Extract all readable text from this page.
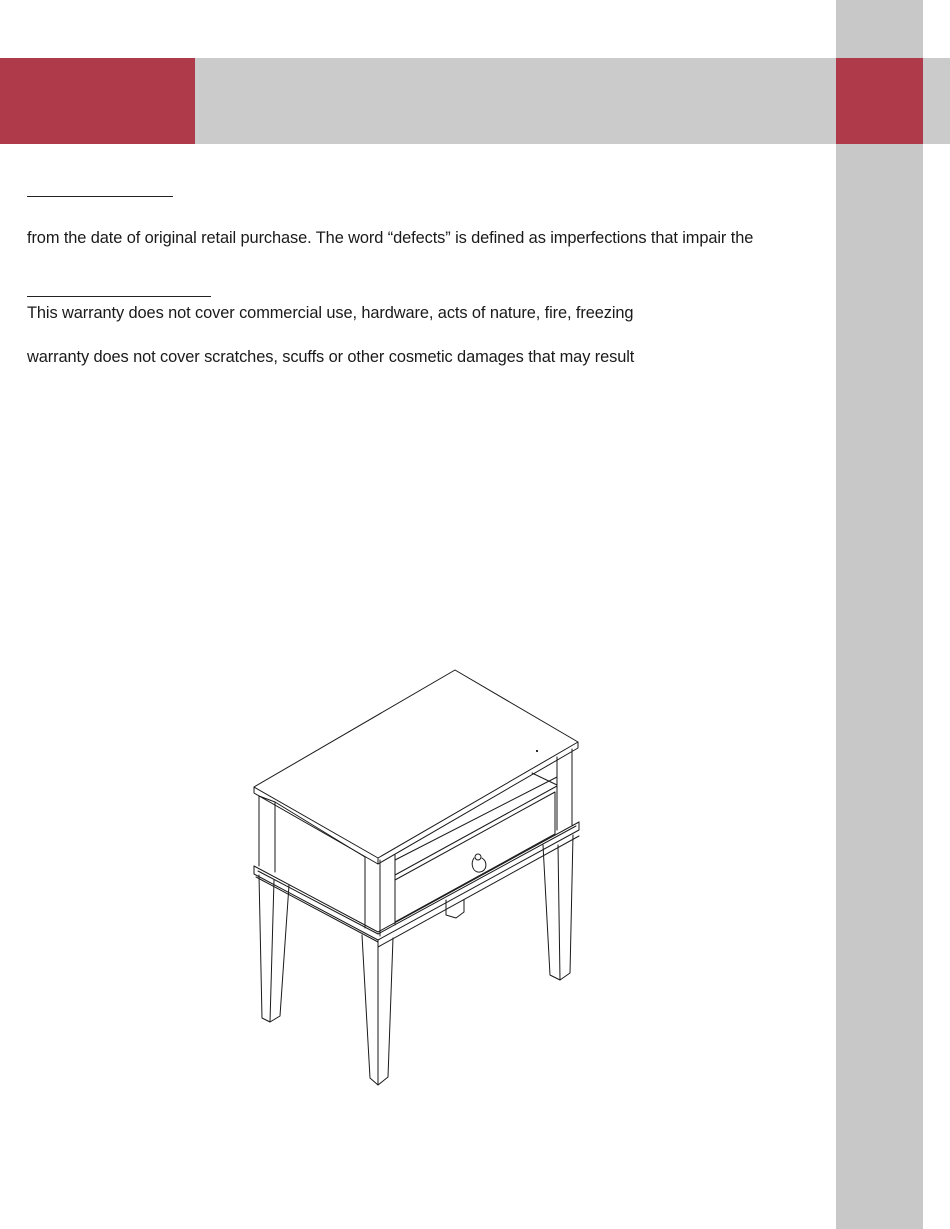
from the date of original retail purchase. The word “defects” is defined as imperfections that impair the
This warranty does not cover commercial use, hardware, acts of nature, fire, freezing
warranty does not cover scratches, scuffs or other cosmetic damages that may result
